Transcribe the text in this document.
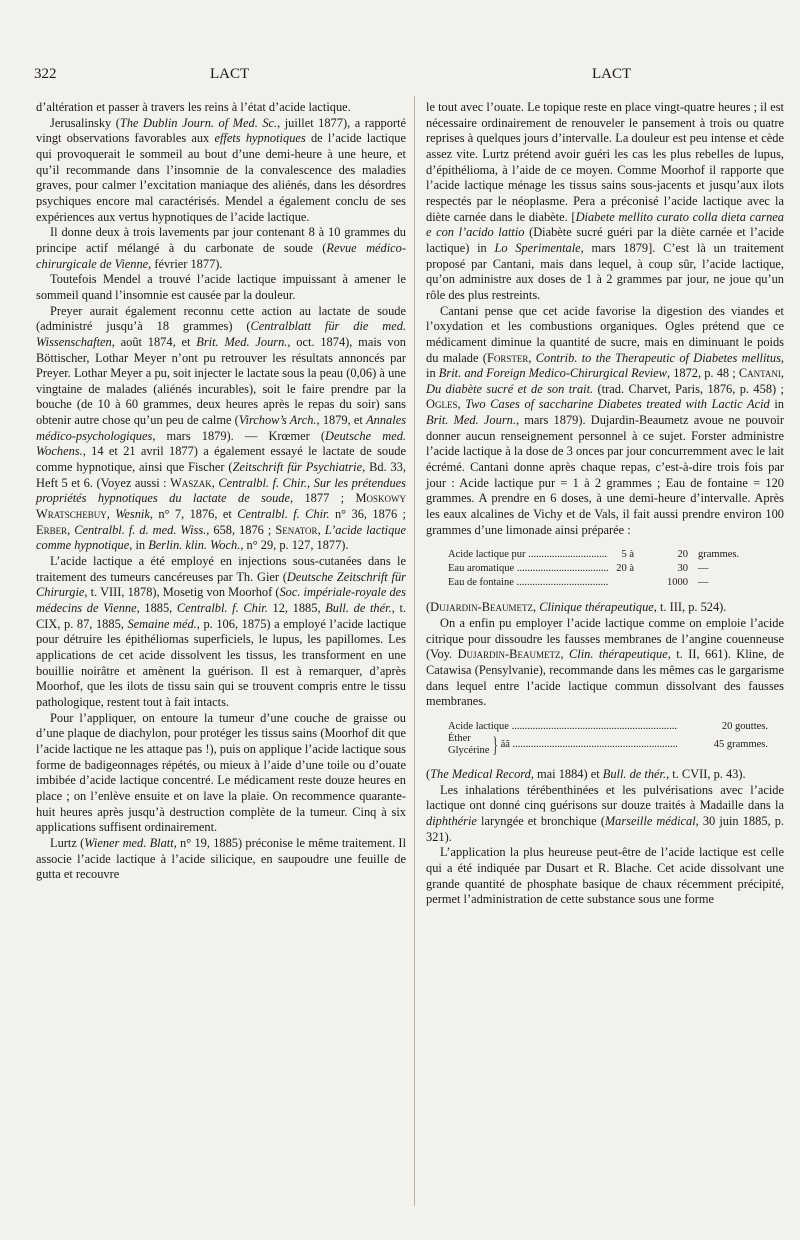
322	LACT	LACT

d’altération et passer à travers les reins à l’état d’acide lactique.

Jerusalinsky (The Dublin Journ. of Med. Sc., juillet 1877), a rapporté vingt observations favorables aux effets hypnotiques de l’acide lactique qui provoquerait le sommeil au bout d’une demi-heure à une heure, et qu’il recommande dans l’insomnie de la convalescence des maladies graves, pour calmer l’excitation maniaque des aliénés, dans les désordres psychiques encore mal caractérisés. Mendel a également conclu de ses expériences aux vertus hypnotiques de l’acide lactique.

Il donne deux à trois lavements par jour contenant 8 à 10 grammes du principe actif mélangé à du carbonate de soude (Revue médico-chirurgicale de Vienne, février 1877).

Toutefois Mendel a trouvé l’acide lactique impuissant à amener le sommeil quand l’insomnie est causée par la douleur.

Preyer aurait également reconnu cette action au lactate de soude (administré jusqu’à 18 grammes) (Centralblatt für die med. Wissenschaften, août 1874, et Brit. Med. Journ., oct. 1874), mais von Böttischer, Lothar Meyer n’ont pu retrouver les résultats annoncés par Preyer. Lothar Meyer a pu, soit injecter le lactate sous la peau (0,06) à une vingtaine de malades (aliénés incurables), soit le faire prendre par la bouche (de 10 à 60 grammes, deux heures après le repas du soir) sans obtenir autre chose qu’un peu de calme (Virchow’s Arch., 1879, et Annales médico-psychologiques, mars 1879). — Krœmer (Deutsche med. Wochens., 14 et 21 avril 1877) a également essayé le lactate de soude comme hypnotique, ainsi que Fischer (Zeitschrift für Psychiatrie, Bd. 33, Heft 5 et 6. (Voyez aussi : Waszak, Centralbl. f. Chir., Sur les prétendues propriétés hypnotiques du lactate de soude, 1877 ; Moskowy Wratschebuy, Wesnik, n° 7, 1876, et Centralbl. f. Chir. n° 36, 1876 ; Erber, Centralbl. f. d. med. Wiss., 658, 1876 ; Senator, L’acide lactique comme hypnotique, in Berlin. klin. Woch., n° 29, p. 127, 1877).

L’acide lactique a été employé en injections sous-cutanées dans le traitement des tumeurs cancéreuses par Th. Gier (Deutsche Zeitschrift für Chirurgie, t. VIII, 1878), Mosetig von Moorhof (Soc. impériale-royale des médecins de Vienne, 1885, Centralbl. f. Chir. 12, 1885, Bull. de thér., t. CIX, p. 87, 1885, Semaine méd., p. 106, 1875) a employé l’acide lactique pour détruire les épithéliomas superficiels, le lupus, les papillomes. Les applications de cet acide dissolvent les tissus, les transforment en une bouillie noirâtre et amènent la guérison. Il est à remarquer, d’après Moorhof, que les ilots de tissu sain qui se trouvent compris entre le tissu pathologique, restent tout à fait intacts.

Pour l’appliquer, on entoure la tumeur d’une couche de graisse ou d’une plaque de diachylon, pour protéger les tissus sains (Moorhof dit que l’acide lactique ne les attaque pas !), puis on applique l’acide lactique sous forme de badigeonnages répétés, ou mieux à l’aide d’une toile ou d’ouate imbibée d’acide lactique concentré. Le médicament reste douze heures en place ; on l’enlève ensuite et on lave la plaie. On recommence quarante-huit heures après jusqu’à destruction complète de la tumeur. Cinq à six applications suffisent ordinairement.

Lurtz (Wiener med. Blatt, n° 19, 1885) préconise le même traitement. Il associe l’acide lactique à l’acide silicique, en saupoudre une feuille de gutta et recouvre

le tout avec l’ouate. Le topique reste en place vingt-quatre heures ; il est nécessaire ordinairement de renouveler le pansement à trois ou quatre reprises à quelques jours d’intervalle. La douleur est peu intense et cède assez vite. Lurtz prétend avoir guéri les cas les plus rebelles de lupus, d’épithélioma, à l’aide de ce moyen. Comme Moorhof il rapporte que l’acide lactique ménage les tissus sains sous-jacents et jusqu’aux ilots respectés par le néoplasme. Pera a préconisé l’acide lactique avec la diète carnée dans le diabète. [Diabete mellito curato colla dieta carnea e con l’acido lattio (Diabète sucré guéri par la diète carnée et l’acide lactique) in Lo Sperimentale, mars 1879]. C’est là un traitement proposé par Cantani, mais dans lequel, à coup sûr, l’acide lactique, qu’on administre aux doses de 1 à 2 grammes par jour, ne joue qu’un rôle des plus restreints.

Cantani pense que cet acide favorise la digestion des viandes et l’oxydation et les combustions organiques. Ogles prétend que ce médicament diminue la quantité de sucre, mais en diminuant le poids du malade (Forster, Contrib. to the Therapeutic of Diabetes mellitus, in Brit. and Foreign Medico-Chirurgical Review, 1872, p. 48 ; Cantani, Du diabète sucré et de son trait. (trad. Charvet, Paris, 1876, p. 458) ; Ogles, Two Cases of saccharine Diabetes treated with Lactic Acid in Brit. Med. Journ., mars 1879). Dujardin-Beaumetz avoue ne pouvoir donner aucun renseignement personnel à ce sujet. Forster administre l’acide lactique à la dose de 3 onces par jour concurremment avec le lait écrémé. Cantani donne après chaque repas, c’est-à-dire trois fois par jour : Acide lactique pur = 1 à 2 grammes ; Eau de fontaine = 120 grammes. A prendre en 6 doses, à une demi-heure d’intervalle. Après les eaux alcalines de Vichy et de Vals, il fait aussi prendre environ 100 grammes d’une limonade ainsi préparée :

Acide lactique pur .....	5 à	20 grammes.
Eau aromatique .....	20 à	30 —
Eau de fontaine .....	1000 —

(Dujardin-Beaumetz, Clinique thérapeutique, t. III, p. 524).

On a enfin pu employer l’acide lactique comme on emploie l’acide citrique pour dissoudre les fausses membranes de l’angine couenneuse (Voy. Dujardin-Beaumetz, Clin. thérapeutique, t. II, 661). Kline, de Catawisa (Pensylvanie), recommande dans les mêmes cas le gargarisme dans lequel entre l’acide lactique commun dissolvant des fausses membranes.

Acide lactique .....	20 gouttes.
Éther
Glycérine } ãã .....	45 grammes.

(The Medical Record, mai 1884) et Bull. de thér., t. CVII, p. 43).

Les inhalations térébenthinées et les pulvérisations avec l’acide lactique ont donné cinq guérisons sur douze traités à Madaille dans la diphthérie laryngée et bronchique (Marseille médical, 30 juin 1885, p. 321).

L’application la plus heureuse peut-être de l’acide lactique est celle qui a été indiquée par Dusart et R. Blache. Cet acide dissolvant une grande quantité de phosphate basique de chaux récemment précipité, permet l’administration de cette substance sous une forme
